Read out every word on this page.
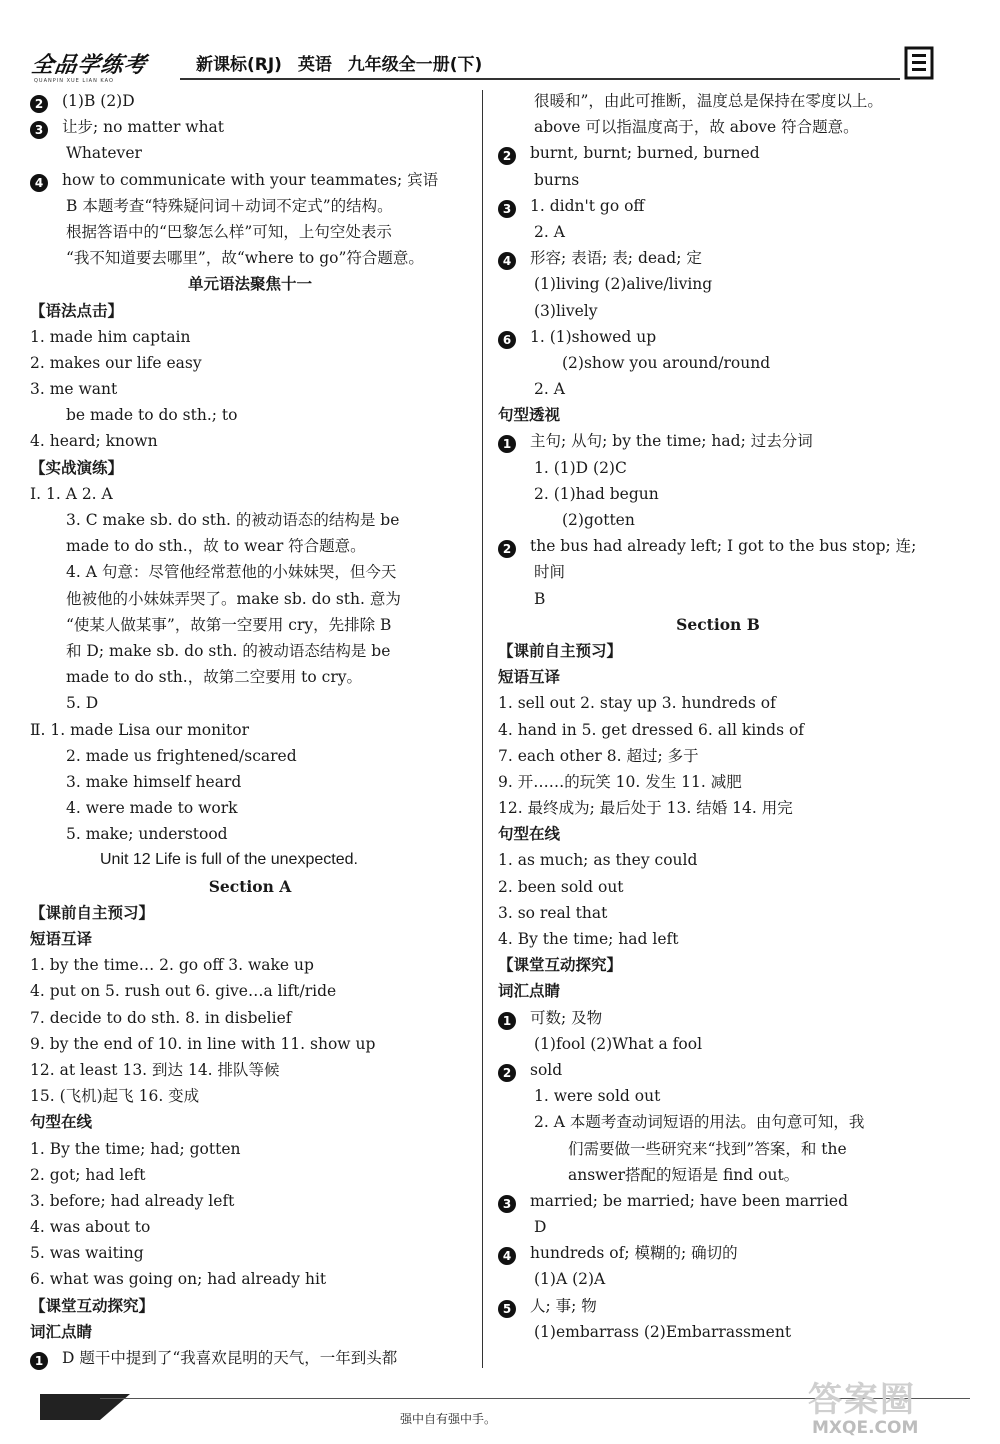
全品学练考
QUANPIN XUE LIAN KAO
新课标(RJ) 英语 九年级全一册(下)
2 (1)B (2)D
3 让步; no matter what
Whatever
4 how to communicate with your teammates; 宾语
B 本题考查“特殊疑问词＋动词不定式”的结构。
根据答语中的“巴黎怎么样”可知，上句空处表示
“我不知道要去哪里”，故“where to go”符合题意。
单元语法聚焦十一
【语法点击】
1. made him captain
2. makes our life easy
3. me want
be made to do sth.; to
4. heard; known
【实战演练】
Ⅰ. 1. A 2. A
3. C make sb. do sth. 的被动语态的结构是 be
made to do sth.，故 to wear 符合题意。
4. A 句意：尽管他经常惹他的小妹妹哭，但今天
他被他的小妹妹弄哭了。make sb. do sth. 意为
“使某人做某事”，故第一空要用 cry，先排除 B
和 D; make sb. do sth. 的被动语态结构是 be
made to do sth.，故第二空要用 to cry。
5. D
Ⅱ. 1. made Lisa our monitor
2. made us frightened/scared
3. make himself heard
4. were made to work
5. make; understood
Unit 12 Life is full of the unexpected.
Section A
【课前自主预习】
短语互译
1. by the time… 2. go off 3. wake up
4. put on 5. rush out 6. give…a lift/ride
7. decide to do sth. 8. in disbelief
9. by the end of 10. in line with 11. show up
12. at least 13. 到达 14. 排队等候
15. (飞机)起飞 16. 变成
句型在线
1. By the time; had; gotten
2. got; had left
3. before; had already left
4. was about to
5. was waiting
6. what was going on; had already hit
【课堂互动探究】
词汇点睛
1 D 题干中提到了“我喜欢昆明的天气，一年到头都
很暖和”，由此可推断，温度总是保持在零度以上。
above 可以指温度高于，故 above 符合题意。
2 burnt, burnt; burned, burned
burns
3 1. didn't go off
2. A
4 形容; 表语; 表; dead; 定
(1)living (2)alive/living
(3)lively
6 1. (1)showed up
(2)show you around/round
2. A
句型透视
1 主句; 从句; by the time; had; 过去分词
1. (1)D (2)C
2. (1)had begun
(2)gotten
2 the bus had already left; I got to the bus stop; 连;
时间
B
Section B
【课前自主预习】
短语互译
1. sell out 2. stay up 3. hundreds of
4. hand in 5. get dressed 6. all kinds of
7. each other 8. 超过; 多于
9. 开……的玩笑 10. 发生 11. 减肥
12. 最终成为; 最后处于 13. 结婚 14. 用完
句型在线
1. as much; as they could
2. been sold out
3. so real that
4. By the time; had left
【课堂互动探究】
词汇点睛
1 可数; 及物
(1)fool (2)What a fool
2 sold
1. were sold out
2. A 本题考查动词短语的用法。由句意可知，我
们需要做一些研究来“找到”答案，和 the
answer搭配的短语是 find out。
3 married; be married; have been married
D
4 hundreds of; 模糊的; 确切的
(1)A (2)A
5 人; 事; 物
(1)embarrass (2)Embarrassment
答2
强中自有强中手。	答案圈
MXQE.COM
